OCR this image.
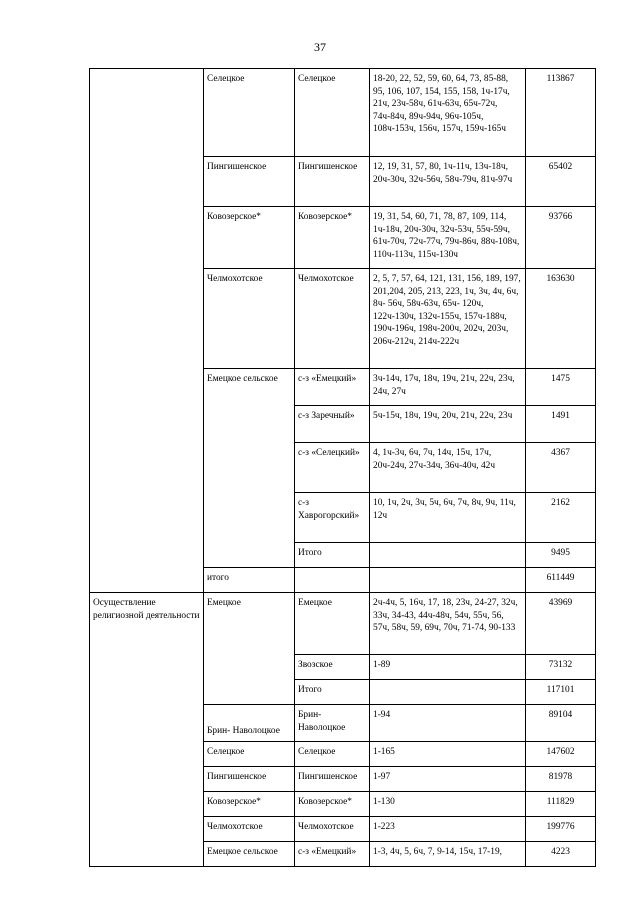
37
	Селецкое	Селецкое	18-20, 22, 52, 59, 60, 64, 73, 85-88, 95, 106, 107, 154, 155, 158, 1ч-17ч, 21ч, 23ч-58ч, 61ч-63ч, 65ч-72ч, 74ч-84ч, 89ч-94ч, 96ч-105ч, 108ч-153ч, 156ч, 157ч, 159ч-165ч	113867
	Пингишенское	Пингишенское	12, 19, 31, 57, 80, 1ч-11ч, 13ч-18ч, 20ч-30ч, 32ч-56ч, 58ч-79ч, 81ч-97ч	65402
	Ковозерское*	Ковозерское*	19, 31, 54, 60, 71, 78, 87, 109, 114, 1ч-18ч, 20ч-30ч, 32ч-53ч, 55ч-59ч, 61ч-70ч, 72ч-77ч, 79ч-86ч, 88ч-108ч, 110ч-113ч, 115ч-130ч	93766
	Челмохотское	Челмохотское	2, 5, 7, 57, 64, 121, 131, 156, 189, 197, 201,204, 205, 213, 223, 1ч, 3ч, 4ч, 6ч, 8ч- 56ч, 58ч-63ч, 65ч- 120ч, 122ч-130ч, 132ч-155ч, 157ч-188ч, 190ч-196ч, 198ч-200ч, 202ч, 203ч, 206ч-212ч, 214ч-222ч	163630
	Емецкое сельское	с-з «Емецкий»	3ч-14ч, 17ч, 18ч, 19ч, 21ч, 22ч, 23ч, 24ч, 27ч	1475
		с-з Заречный»	5ч-15ч, 18ч, 19ч, 20ч, 21ч, 22ч, 23ч	1491
		с-з «Селецкий»	4, 1ч-3ч, 6ч, 7ч, 14ч, 15ч, 17ч, 20ч-24ч, 27ч-34ч, 36ч-40ч, 42ч	4367
		с-з Хаврогорский»	10, 1ч, 2ч, 3ч, 5ч, 6ч, 7ч, 8ч, 9ч, 11ч, 12ч	2162
		Итого		9495
	итого			611449
Осуществление религиозной деятельности	Емецкое	Емецкое	2ч-4ч, 5, 16ч, 17, 18, 23ч, 24-27, 32ч, 33ч, 34-43, 44ч-48ч, 54ч, 55ч, 56, 57ч, 58ч, 59, 69ч, 70ч, 71-74, 90-133	43969
		Звозское	1-89	73132
		Итого		117101
	Брин- Наволоцкое	Брин-Наволоцкое	1-94	89104
	Селецкое	Селецкое	1-165	147602
	Пингишенское	Пингишенское	1-97	81978
	Ковозерское*	Ковозерское*	1-130	111829
	Челмохотское	Челмохотское	1-223	199776
	Емецкое сельское	с-з «Емецкий»	1-3, 4ч, 5, 6ч, 7, 9-14, 15ч, 17-19,	4223
